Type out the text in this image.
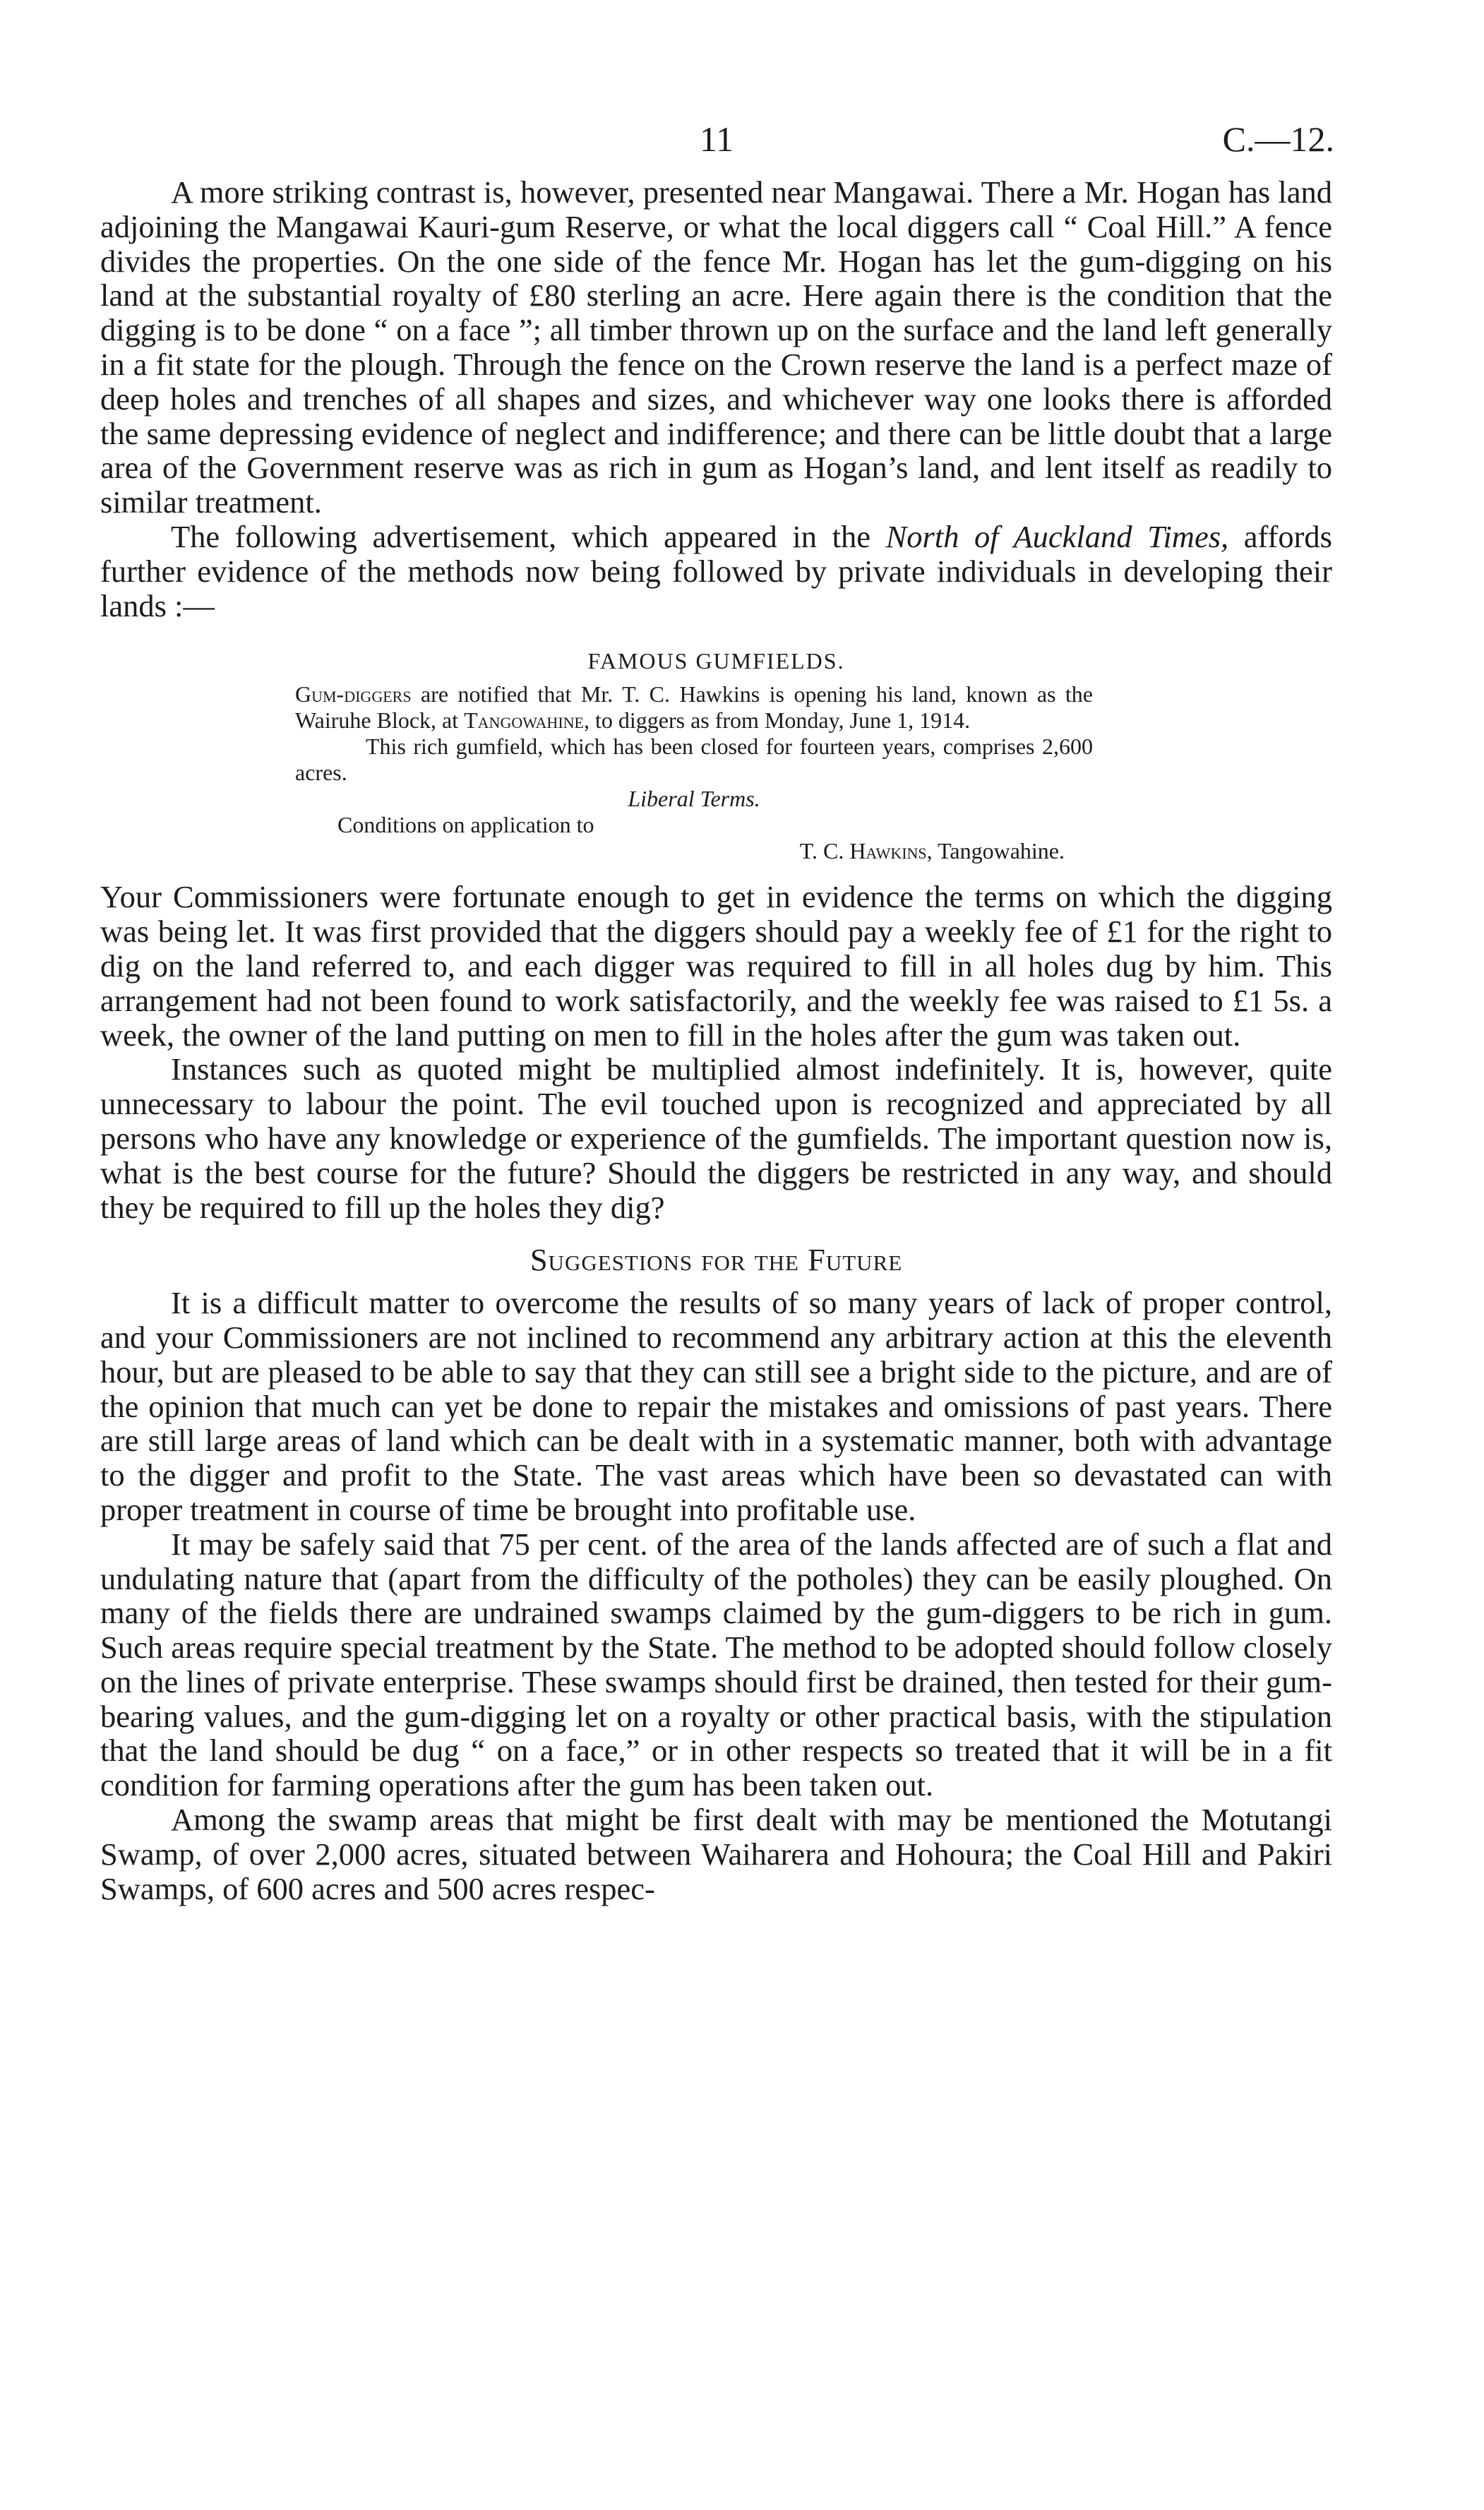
11	C.—12.

A more striking contrast is, however, presented near Mangawai. There a Mr. Hogan has land adjoining the Mangawai Kauri-gum Reserve, or what the local diggers call “ Coal Hill.” A fence divides the properties. On the one side of the fence Mr. Hogan has let the gum-digging on his land at the substantial royalty of £80 sterling an acre. Here again there is the condition that the digging is to be done “ on a face ”; all timber thrown up on the surface and the land left generally in a fit state for the plough. Through the fence on the Crown reserve the land is a perfect maze of deep holes and trenches of all shapes and sizes, and whichever way one looks there is afforded the same depressing evidence of neglect and indifference; and there can be little doubt that a large area of the Government reserve was as rich in gum as Hogan’s land, and lent itself as readily to similar treatment.

The following advertisement, which appeared in the North of Auckland Times, affords further evidence of the methods now being followed by private individuals in developing their lands :—

FAMOUS GUMFIELDS.

Gum-diggers are notified that Mr. T. C. Hawkins is opening his land, known as the Wairuhe Block, at Tangowahine, to diggers as from Monday, June 1, 1914.

This rich gumfield, which has been closed for fourteen years, comprises 2,600 acres.

Liberal Terms.

Conditions on application to

T. C. Hawkins, Tangowahine.

Your Commissioners were fortunate enough to get in evidence the terms on which the digging was being let. It was first provided that the diggers should pay a weekly fee of £1 for the right to dig on the land referred to, and each digger was required to fill in all holes dug by him. This arrangement had not been found to work satisfactorily, and the weekly fee was raised to £1 5s. a week, the owner of the land putting on men to fill in the holes after the gum was taken out.

Instances such as quoted might be multiplied almost indefinitely. It is, however, quite unnecessary to labour the point. The evil touched upon is recognized and appreciated by all persons who have any knowledge or experience of the gumfields. The important question now is, what is the best course for the future? Should the diggers be restricted in any way, and should they be required to fill up the holes they dig?

Suggestions for the Future

It is a difficult matter to overcome the results of so many years of lack of proper control, and your Commissioners are not inclined to recommend any arbitrary action at this the eleventh hour, but are pleased to be able to say that they can still see a bright side to the picture, and are of the opinion that much can yet be done to repair the mistakes and omissions of past years. There are still large areas of land which can be dealt with in a systematic manner, both with advantage to the digger and profit to the State. The vast areas which have been so devastated can with proper treatment in course of time be brought into profitable use.

It may be safely said that 75 per cent. of the area of the lands affected are of such a flat and undulating nature that (apart from the difficulty of the potholes) they can be easily ploughed. On many of the fields there are undrained swamps claimed by the gum-diggers to be rich in gum. Such areas require special treatment by the State. The method to be adopted should follow closely on the lines of private enterprise. These swamps should first be drained, then tested for their gum-bearing values, and the gum-digging let on a royalty or other practical basis, with the stipulation that the land should be dug “ on a face,” or in other respects so treated that it will be in a fit condition for farming operations after the gum has been taken out.

Among the swamp areas that might be first dealt with may be mentioned the Motutangi Swamp, of over 2,000 acres, situated between Waiharera and Hohoura; the Coal Hill and Pakiri Swamps, of 600 acres and 500 acres respec-
